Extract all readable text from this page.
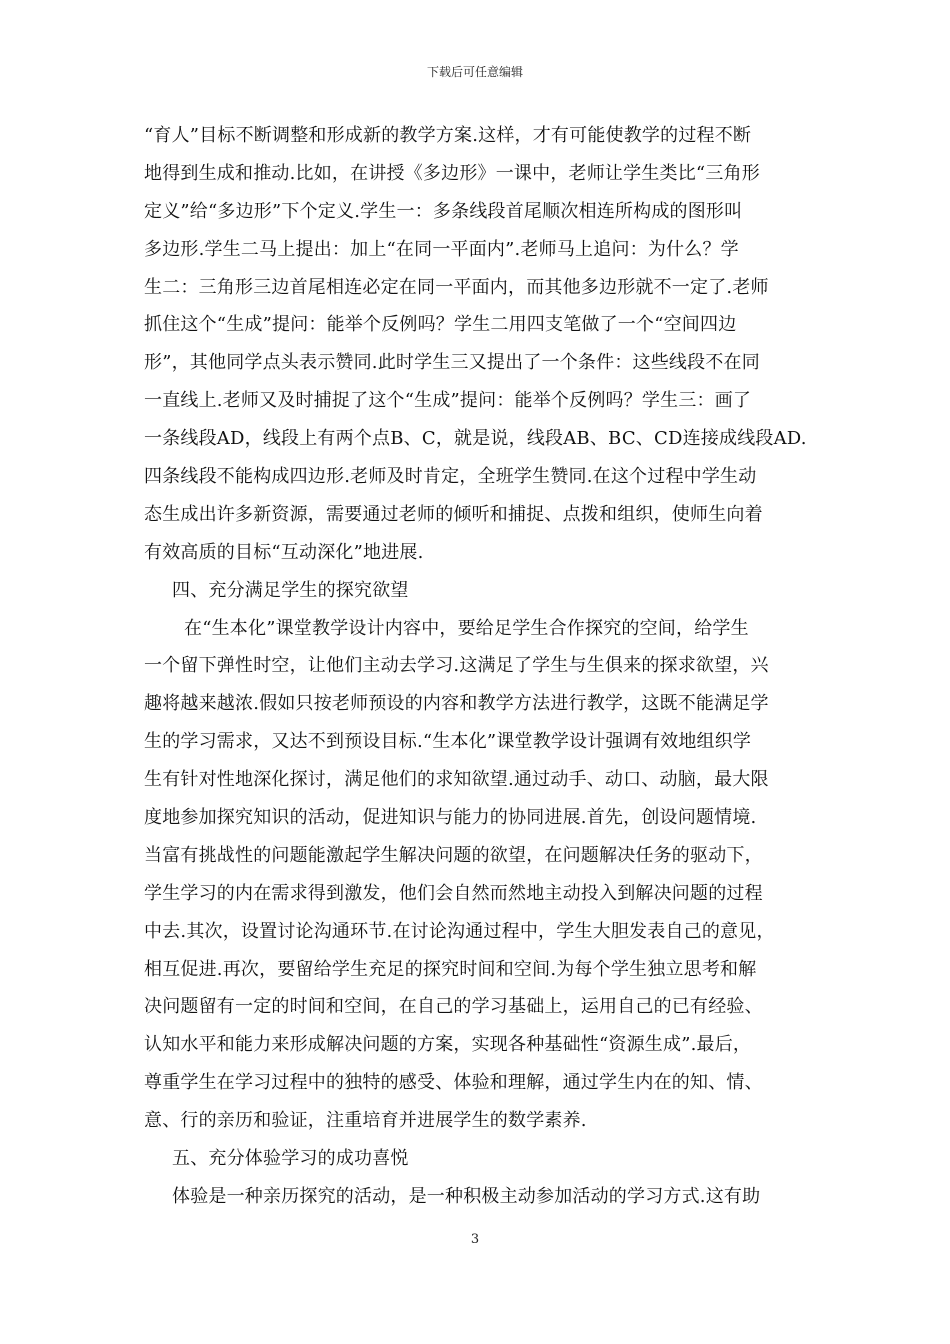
下载后可任意编辑
“育人”目标不断调整和形成新的教学方案.这样，才有可能使教学的过程不断
地得到生成和推动.比如，在讲授《多边形》一课中，老师让学生类比“三角形
定义”给“多边形”下个定义.学生一：多条线段首尾顺次相连所构成的图形叫
多边形.学生二马上提出：加上“在同一平面内”.老师马上追问：为什么？学
生二：三角形三边首尾相连必定在同一平面内，而其他多边形就不一定了.老师
抓住这个“生成”提问：能举个反例吗？学生二用四支笔做了一个“空间四边
形”，其他同学点头表示赞同.此时学生三又提出了一个条件：这些线段不在同
一直线上.老师又及时捕捉了这个“生成”提问：能举个反例吗？学生三：画了
一条线段AD，线段上有两个点B、C，就是说，线段AB、BC、CD连接成线段AD.
四条线段不能构成四边形.老师及时肯定，全班学生赞同.在这个过程中学生动
态生成出许多新资源，需要通过老师的倾听和捕捉、点拨和组织，使师生向着
有效高质的目标“互动深化”地进展.
四、充分满足学生的探究欲望
在“生本化”课堂教学设计内容中，要给足学生合作探究的空间，给学生
一个留下弹性时空，让他们主动去学习.这满足了学生与生俱来的探求欲望，兴
趣将越来越浓.假如只按老师预设的内容和教学方法进行教学，这既不能满足学
生的学习需求，又达不到预设目标.“生本化”课堂教学设计强调有效地组织学
生有针对性地深化探讨，满足他们的求知欲望.通过动手、动口、动脑，最大限
度地参加探究知识的活动，促进知识与能力的协同进展.首先，创设问题情境.
当富有挑战性的问题能激起学生解决问题的欲望，在问题解决任务的驱动下，
学生学习的内在需求得到激发，他们会自然而然地主动投入到解决问题的过程
中去.其次，设置讨论沟通环节.在讨论沟通过程中，学生大胆发表自己的意见，
相互促进.再次，要留给学生充足的探究时间和空间.为每个学生独立思考和解
决问题留有一定的时间和空间，在自己的学习基础上，运用自己的已有经验、
认知水平和能力来形成解决问题的方案，实现各种基础性“资源生成”.最后，
尊重学生在学习过程中的独特的感受、体验和理解，通过学生内在的知、情、
意、行的亲历和验证，注重培育并进展学生的数学素养.
五、充分体验学习的成功喜悦
体验是一种亲历探究的活动，是一种积极主动参加活动的学习方式.这有助
3
